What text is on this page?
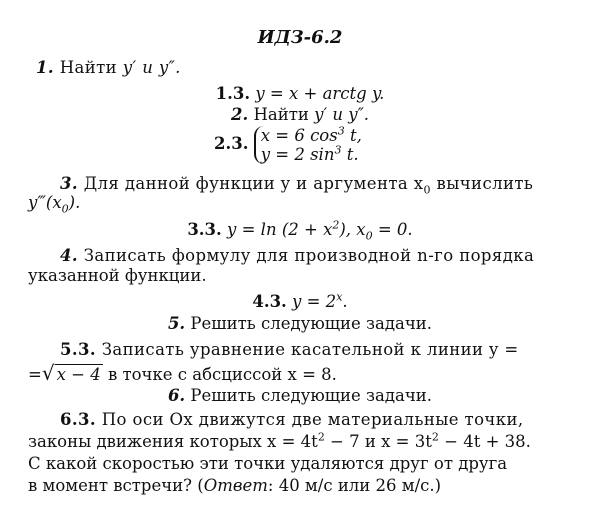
ИДЗ-6.2
1. Найти y′ и y″.
1.3. y = x + arctg y.
2. Найти y′ и y″.
2.3. x = 6 $\cos^3 t$,
y = 2 $\sin^3 t$.
3. Для данной функции y и аргумента $x_0$ вычислить
$y‴(x_0)$.
3.3. $y = \ln (2 + x^2)$, $x_0 = 0$.
4. Записать формулу для производной n-го порядка
указанной функции.
4.3. $y = 2^x$.
5. Решить следующие задачи.
5.3. Записать уравнение касательной к линии y =
=√ x − 4 в точке с абсциссой x = 8.
6. Решить следующие задачи.
6.3. По оси Ox движутся две материальные точки,
законы движения которых $x = 4t^2 - 7$ и $x = 3t^2 - 4t + 38$.
С какой скоростью эти точки удаляются друг от друга
в момент встречи? (Ответ: 40 м/с или 26 м/с.)
